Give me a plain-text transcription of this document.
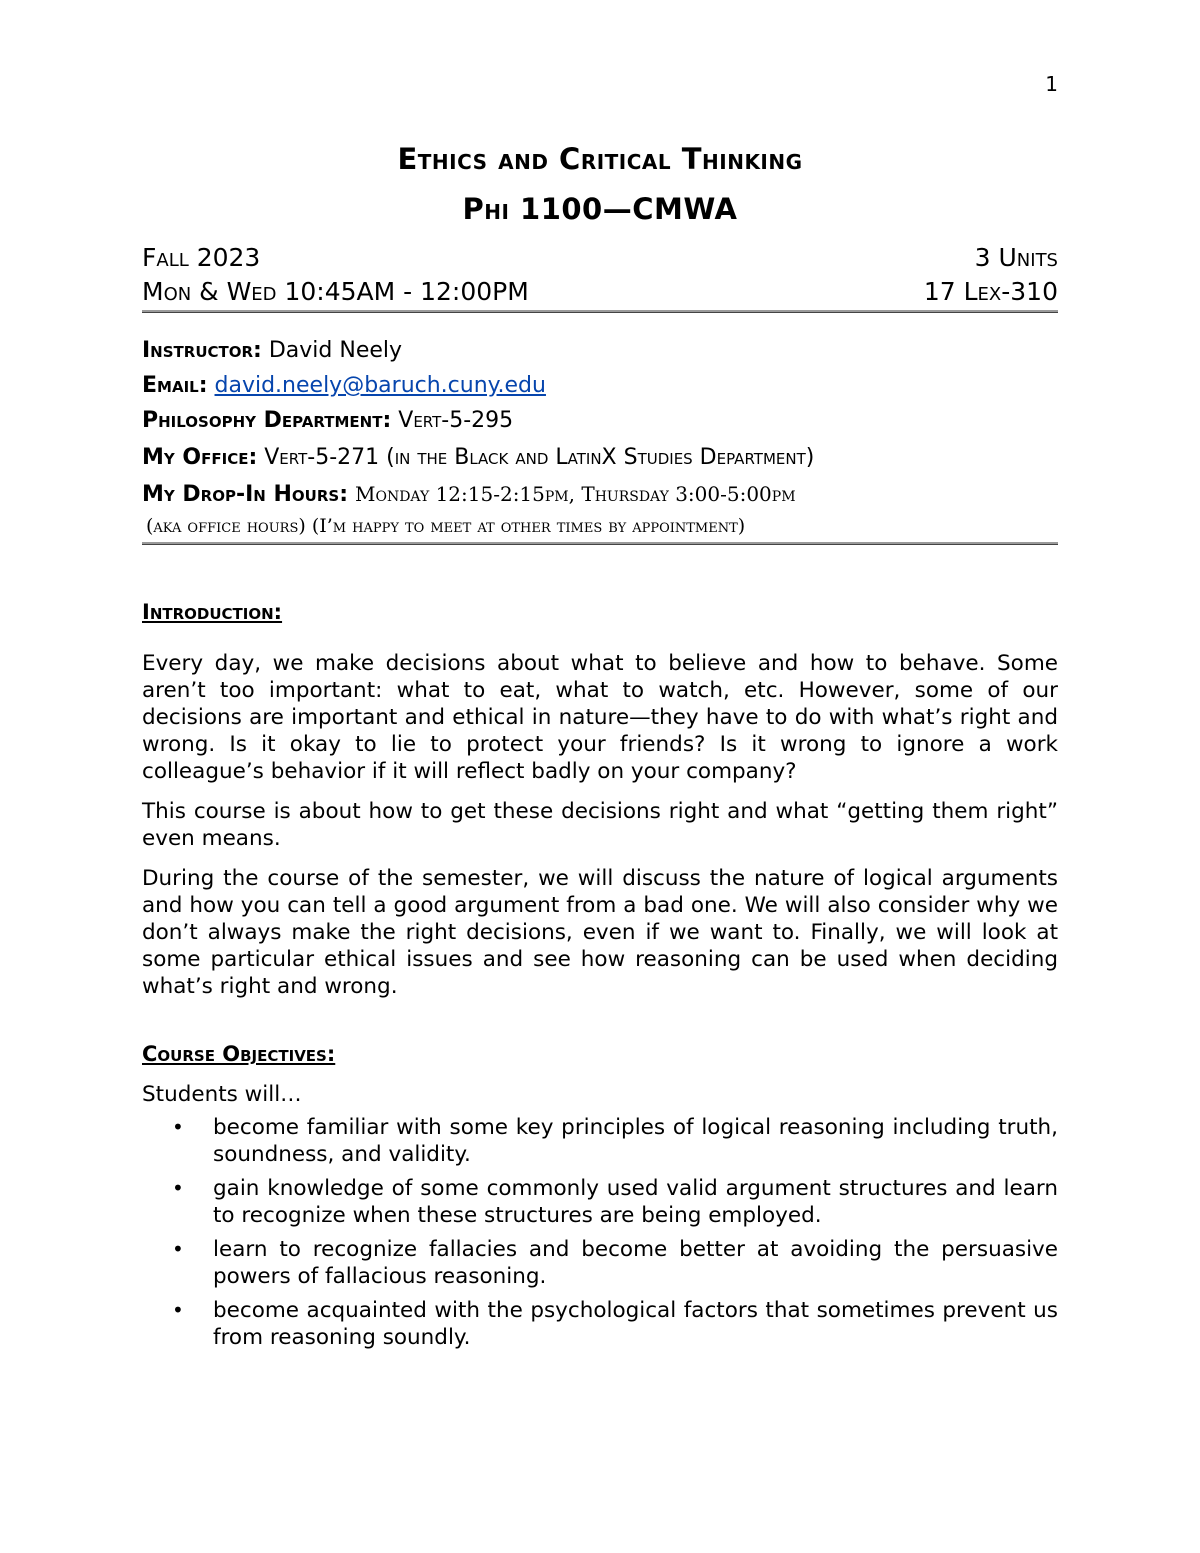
1
Ethics and Critical Thinking
Phi 1100—CMWA
Fall 2023	3 Units
Mon & Wed 10:45AM - 12:00PM	17 Lex-310
Instructor: David Neely
Email: david.neely@baruch.cuny.edu
Philosophy Department: Vert-5-295
My Office: Vert-5-271 (in the Black and LatinX Studies Department)
My Drop-In Hours: Monday 12:15-2:15pm, Thursday 3:00-5:00pm
(aka office hours) (I’m happy to meet at other times by appointment)
Introduction:

Every day, we make decisions about what to believe and how to behave. Some aren’t too important: what to eat, what to watch, etc. However, some of our decisions are important and ethical in nature—they have to do with what’s right and wrong. Is it okay to lie to protect your friends? Is it wrong to ignore a work colleague’s behavior if it will reflect badly on your company?

This course is about how to get these decisions right and what “getting them right” even means.

During the course of the semester, we will discuss the nature of logical arguments and how you can tell a good argument from a bad one. We will also consider why we don’t always make the right decisions, even if we want to. Finally, we will look at some particular ethical issues and see how reasoning can be used when deciding what’s right and wrong.

Course Objectives:
Students will…
• become familiar with some key principles of logical reasoning including truth, soundness, and validity.
• gain knowledge of some commonly used valid argument structures and learn to recognize when these structures are being employed.
• learn to recognize fallacies and become better at avoiding the persuasive powers of fallacious reasoning.
• become acquainted with the psychological factors that sometimes prevent us from reasoning soundly.
